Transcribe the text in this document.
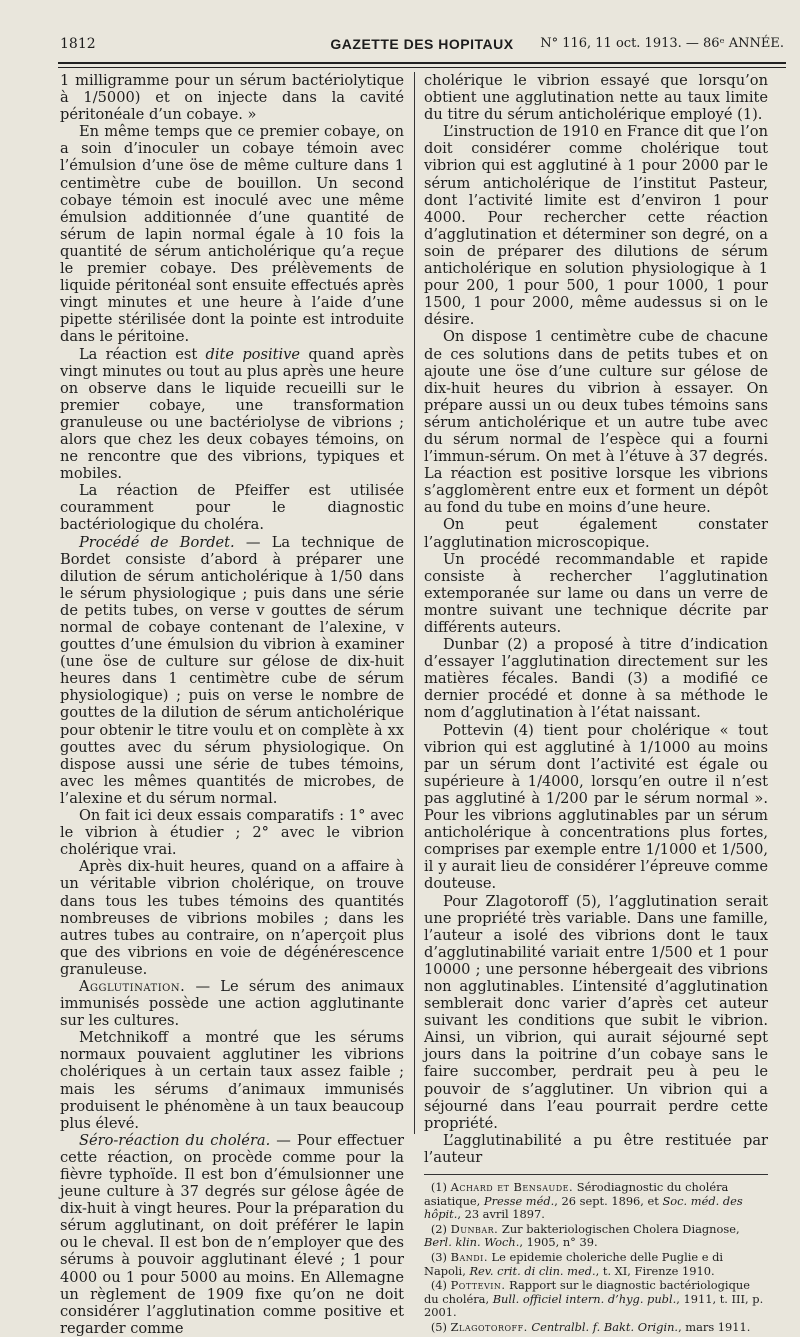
1812	GAZETTE DES HOPITAUX	N° 116, 11 oct. 1913. — 86ᵉ ANNÉE.

1 milligramme pour un sérum bactériolytique à 1/5000) et on injecte dans la cavité péritonéale d’un cobaye. »

En même temps que ce premier cobaye, on a soin d’inoculer un cobaye témoin avec l’émulsion d’une öse de même culture dans 1 centimètre cube de bouillon. Un second cobaye témoin est inoculé avec une même émulsion additionnée d’une quantité de sérum de lapin normal égale à 10 fois la quantité de sérum anticholérique qu’a reçue le premier cobaye. Des prélèvements de liquide péritonéal sont ensuite effectués après vingt minutes et une heure à l’aide d’une pipette stérilisée dont la pointe est introduite dans le péritoine.

La réaction est dite positive quand après vingt minutes ou tout au plus après une heure on observe dans le liquide recueilli sur le premier cobaye, une transformation granuleuse ou une bactériolyse de vibrions ; alors que chez les deux cobayes témoins, on ne rencontre que des vibrions, typiques et mobiles.

La réaction de Pfeiffer est utilisée couramment pour le diagnostic bactériologique du choléra.

Procédé de Bordet. — La technique de Bordet consiste d’abord à préparer une dilution de sérum anticholérique à 1/50 dans le sérum physiologique ; puis dans une série de petits tubes, on verse v gouttes de sérum normal de cobaye contenant de l’alexine, v gouttes d’une émulsion du vibrion à examiner (une öse de culture sur gélose de dix-huit heures dans 1 centimètre cube de sérum physiologique) ; puis on verse le nombre de gouttes de la dilution de sérum anticholérique pour obtenir le titre voulu et on complète à xx gouttes avec du sérum physiologique. On dispose aussi une série de tubes témoins, avec les mêmes quantités de microbes, de l’alexine et du sérum normal.

On fait ici deux essais comparatifs : 1° avec le vibrion à étudier ; 2° avec le vibrion cholérique vrai.

Après dix-huit heures, quand on a affaire à un véritable vibrion cholérique, on trouve dans tous les tubes témoins des quantités nombreuses de vibrions mobiles ; dans les autres tubes au contraire, on n’aperçoit plus que des vibrions en voie de dégénérescence granuleuse.

Agglutination. — Le sérum des animaux immunisés possède une action agglutinante sur les cultures.

Metchnikoff a montré que les sérums normaux pouvaient agglutiner les vibrions cholériques à un certain taux assez faible ; mais les sérums d’animaux immunisés produisent le phénomène à un taux beaucoup plus élevé.

Séro-réaction du choléra. — Pour effectuer cette réaction, on procède comme pour la fièvre typhoïde. Il est bon d’émulsionner une jeune culture à 37 degrés sur gélose âgée de dix-huit à vingt heures. Pour la préparation du sérum agglutinant, on doit préférer le lapin ou le cheval. Il est bon de n’employer que des sérums à pouvoir agglutinant élevé ; 1 pour 4000 ou 1 pour 5000 au moins. En Allemagne un règlement de 1909 fixe qu’on ne doit considérer l’agglutination comme positive et regarder comme

cholérique le vibrion essayé que lorsqu’on obtient une agglutination nette au taux limite du titre du sérum anticholérique employé (1).

L’instruction de 1910 en France dit que l’on doit considérer comme cholérique tout vibrion qui est agglutiné à 1 pour 2000 par le sérum anticholérique de l’institut Pasteur, dont l’activité limite est d’environ 1 pour 4000. Pour rechercher cette réaction d’agglutination et déterminer son degré, on a soin de préparer des dilutions de sérum anticholérique en solution physiologique à 1 pour 200, 1 pour 500, 1 pour 1000, 1 pour 1500, 1 pour 2000, même audessus si on le désire.

On dispose 1 centimètre cube de chacune de ces solutions dans de petits tubes et on ajoute une öse d’une culture sur gélose de dix-huit heures du vibrion à essayer. On prépare aussi un ou deux tubes témoins sans sérum anticholérique et un autre tube avec du sérum normal de l’espèce qui a fourni l’immun-sérum. On met à l’étuve à 37 degrés. La réaction est positive lorsque les vibrions s’agglomèrent entre eux et forment un dépôt au fond du tube en moins d’une heure.

On peut également constater l’agglutination microscopique.

Un procédé recommandable et rapide consiste à rechercher l’agglutination extemporanée sur lame ou dans un verre de montre suivant une technique décrite par différents auteurs.

Dunbar (2) a proposé à titre d’indication d’essayer l’agglutination directement sur les matières fécales. Bandi (3) a modifié ce dernier procédé et donne à sa méthode le nom d’agglutination à l’état naissant.

Pottevin (4) tient pour cholérique « tout vibrion qui est agglutiné à 1/1000 au moins par un sérum dont l’activité est égale ou supérieure à 1/4000, lorsqu’en outre il n’est pas agglutiné à 1/200 par le sérum normal ». Pour les vibrions agglutinables par un sérum anticholérique à concentrations plus fortes, comprises par exemple entre 1/1000 et 1/500, il y aurait lieu de considérer l’épreuve comme douteuse.

Pour Zlagotoroff (5), l’agglutination serait une propriété très variable. Dans une famille, l’auteur a isolé des vibrions dont le taux d’agglutinabilité variait entre 1/500 et 1 pour 10000 ; une personne hébergeait des vibrions non agglutinables. L’intensité d’agglutination semblerait donc varier d’après cet auteur suivant les conditions que subit le vibrion. Ainsi, un vibrion, qui aurait séjourné sept jours dans la poitrine d’un cobaye sans le faire succomber, perdrait peu à peu le pouvoir de s’agglutiner. Un vibrion qui a séjourné dans l’eau pourrait perdre cette propriété.

L’agglutinabilité a pu être restituée par l’auteur

(1) Achard et Bensaude. Sérodiagnostic du choléra asiatique, Presse méd., 26 sept. 1896, et Soc. méd. des hôpit., 23 avril 1897.

(2) Dunbar. Zur bakteriologischen Cholera Diagnose, Berl. klin. Woch., 1905, n° 39.

(3) Bandi. Le epidemie choleriche delle Puglie e di Napoli, Rev. crit. di clin. med., t. XI, Firenze 1910.

(4) Pottevin. Rapport sur le diagnostic bactériologique du choléra, Bull. officiel intern. d’hyg. publ., 1911, t. III, p. 2001.

(5) Zlagotoroff. Centralbl. f. Bakt. Origin., mars 1911.
